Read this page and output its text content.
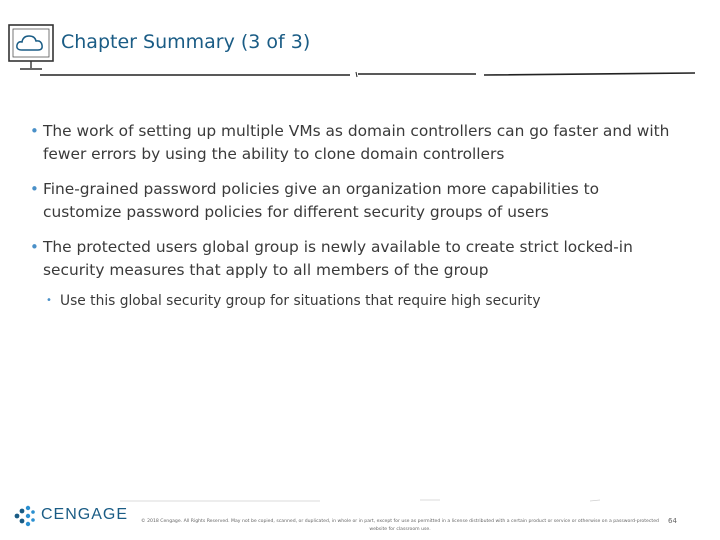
Chapter Summary (3 of 3)
• The work of setting up multiple VMs as domain controllers can go faster and with fewer errors by using the ability to clone domain controllers
• Fine-grained password policies give an organization more capabilities to customize password policies for different security groups of users
• The protected users global group is newly available to create strict locked-in security measures that apply to all members of the group
• Use this global security group for situations that require high security
CENGAGE	© 2018 Cengage. All Rights Reserved. May not be copied, scanned, or duplicated, in whole or in part, except for use as permitted in a license distributed with a certain product or service or otherwise on a password-protected website for classroom use.
64
